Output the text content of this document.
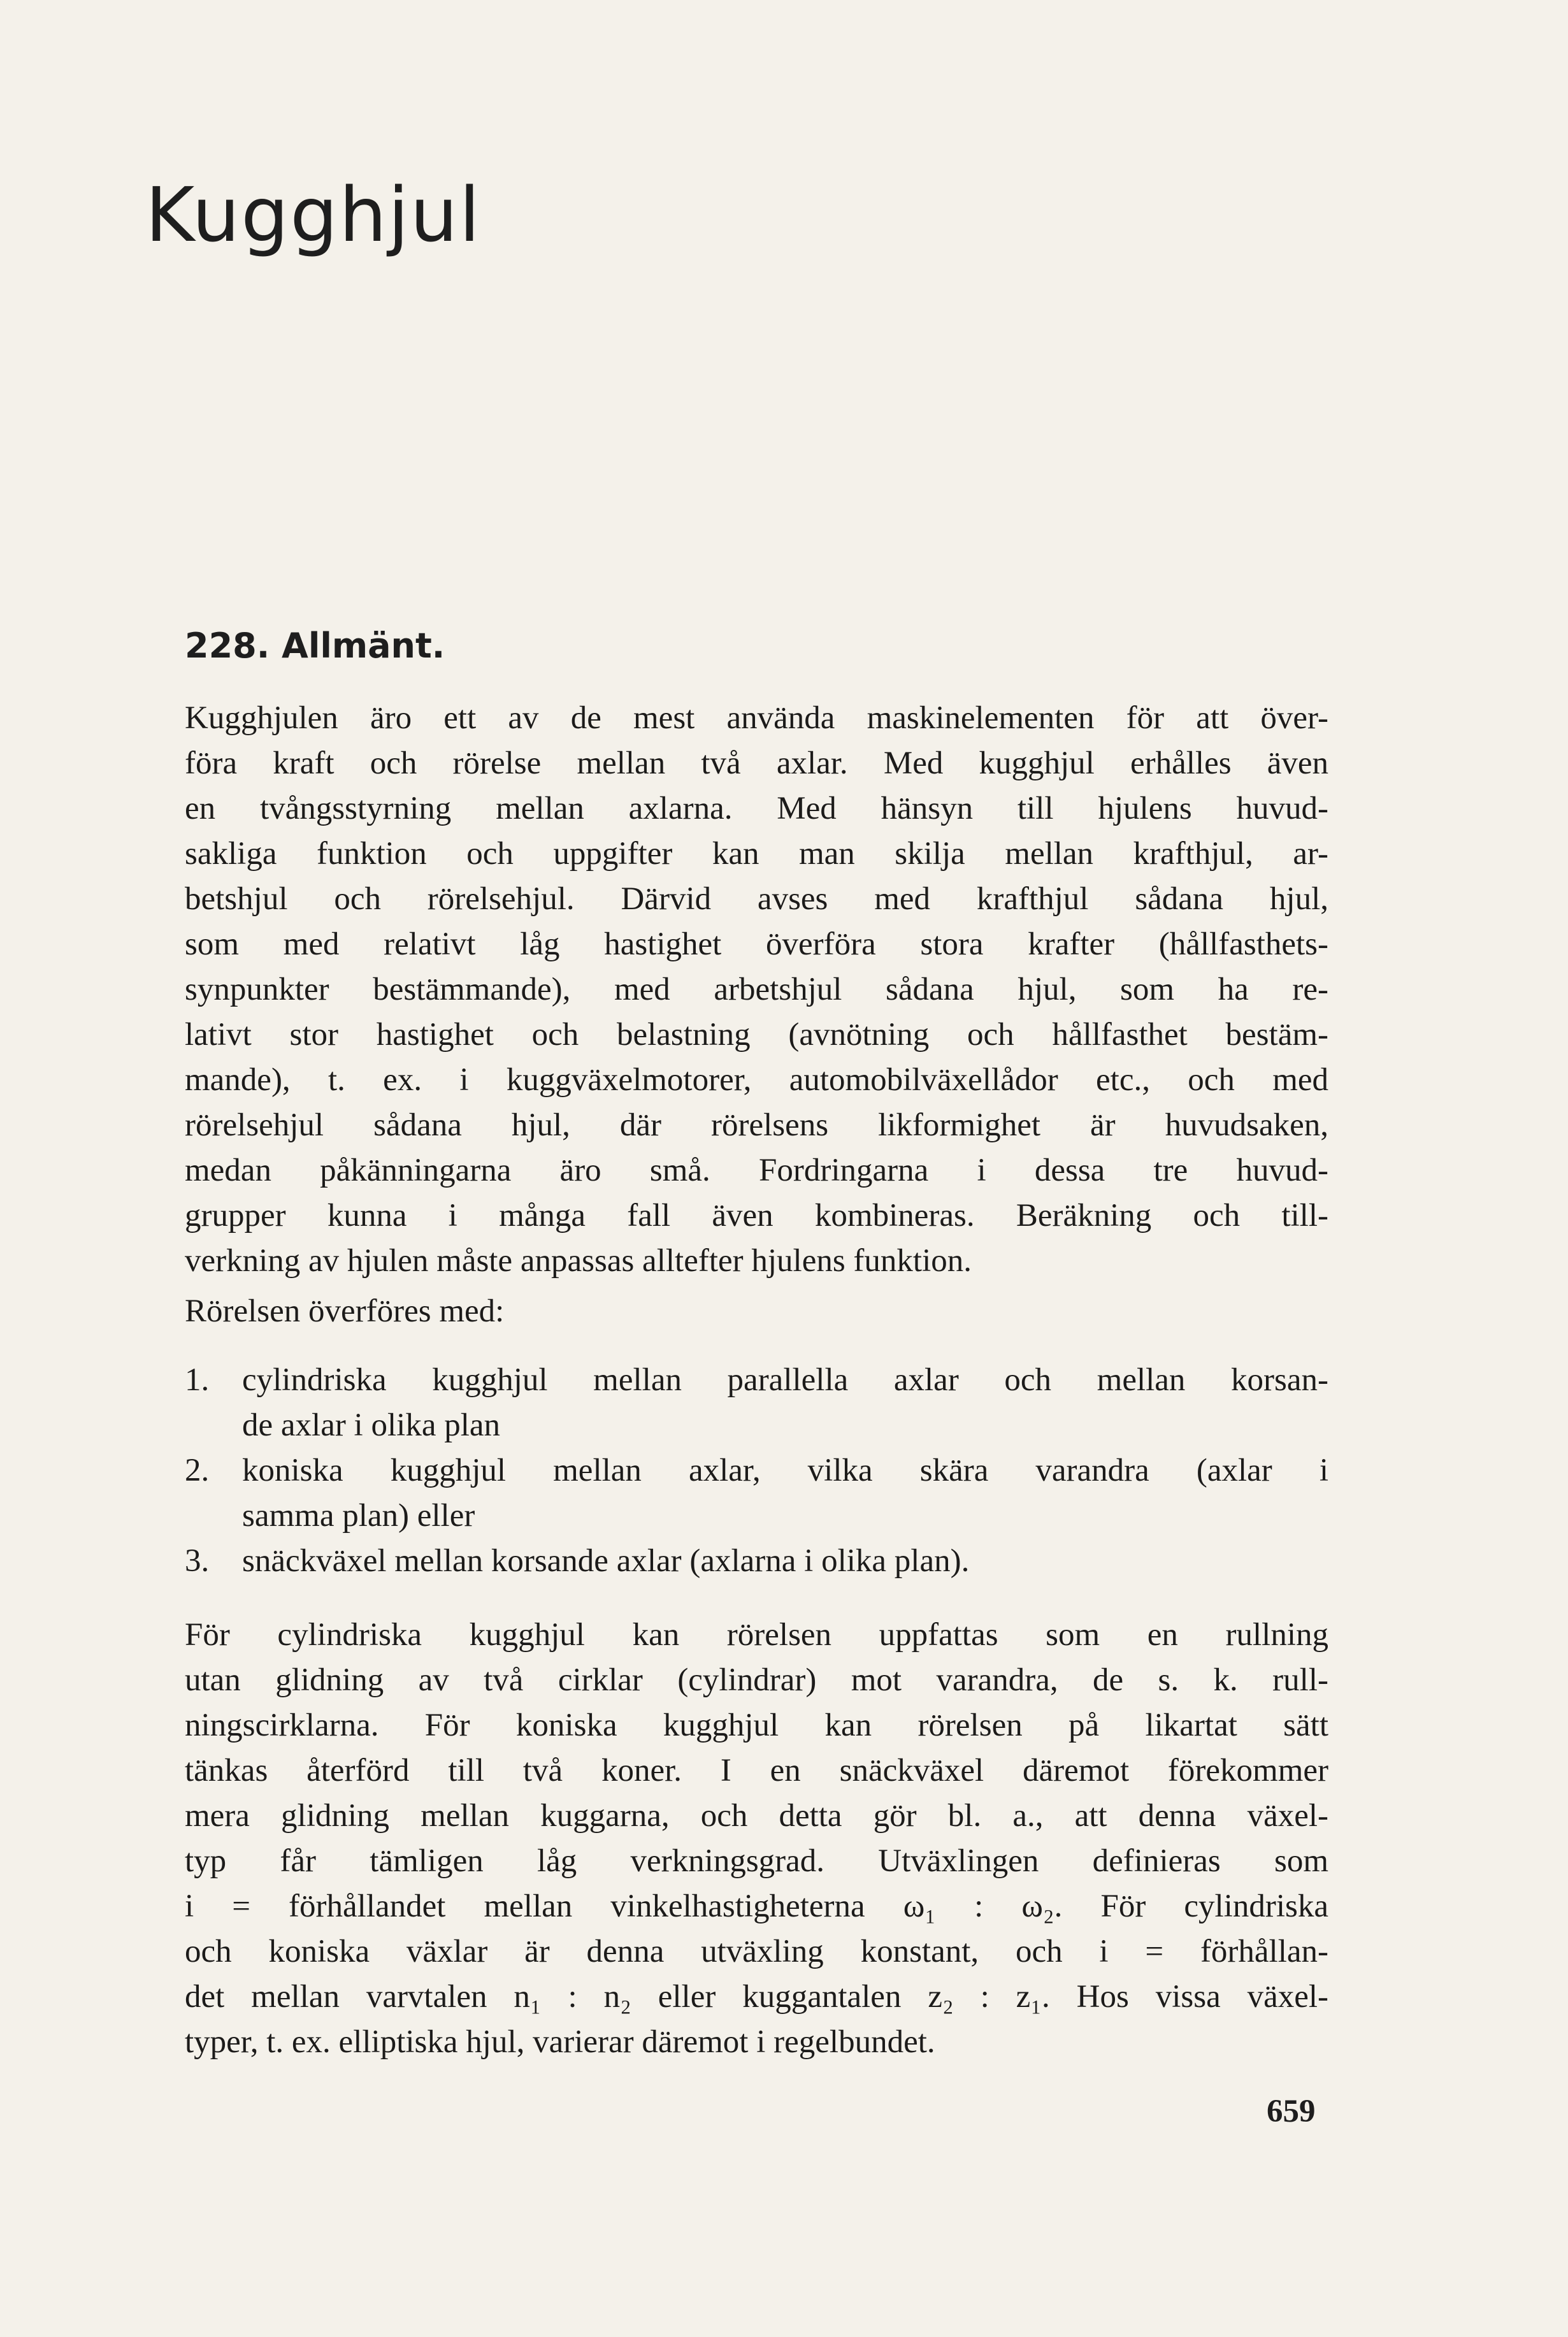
Kugghjul
228. Allmänt.
Kugghjulen äro ett av de mest använda maskinelementen för att över-
föra kraft och rörelse mellan två axlar. Med kugghjul erhålles även
en tvångsstyrning mellan axlarna. Med hänsyn till hjulens huvud-
sakliga funktion och uppgifter kan man skilja mellan krafthjul, ar-
betshjul och rörelsehjul. Därvid avses med krafthjul sådana hjul,
som med relativt låg hastighet överföra stora krafter (hållfasthets-
synpunkter bestämmande), med arbetshjul sådana hjul, som ha re-
lativt stor hastighet och belastning (avnötning och hållfasthet bestäm-
mande), t. ex. i kuggväxelmotorer, automobilväxellådor etc., och med
rörelsehjul sådana hjul, där rörelsens likformighet är huvudsaken,
medan påkänningarna äro små. Fordringarna i dessa tre huvud-
grupper kunna i många fall även kombineras. Beräkning och till-
verkning av hjulen måste anpassas alltefter hjulens funktion.
Rörelsen överföres med:
1. cylindriska kugghjul mellan parallella axlar och mellan korsan-
de axlar i olika plan
2. koniska kugghjul mellan axlar, vilka skära varandra (axlar i
samma plan) eller
3. snäckväxel mellan korsande axlar (axlarna i olika plan).
För cylindriska kugghjul kan rörelsen uppfattas som en rullning
utan glidning av två cirklar (cylindrar) mot varandra, de s. k. rull-
ningscirklarna. För koniska kugghjul kan rörelsen på likartat sätt
tänkas återförd till två koner. I en snäckväxel däremot förekommer
mera glidning mellan kuggarna, och detta gör bl. a., att denna växel-
typ får tämligen låg verkningsgrad. Utväxlingen definieras som
i = förhållandet mellan vinkelhastigheterna ω₁ : ω₂. För cylindriska
och koniska växlar är denna utväxling konstant, och i = förhållan-
det mellan varvtalen n₁ : n₂ eller kuggantalen z₂ : z₁. Hos vissa växel-
typer, t. ex. elliptiska hjul, varierar däremot i regelbundet.
659
